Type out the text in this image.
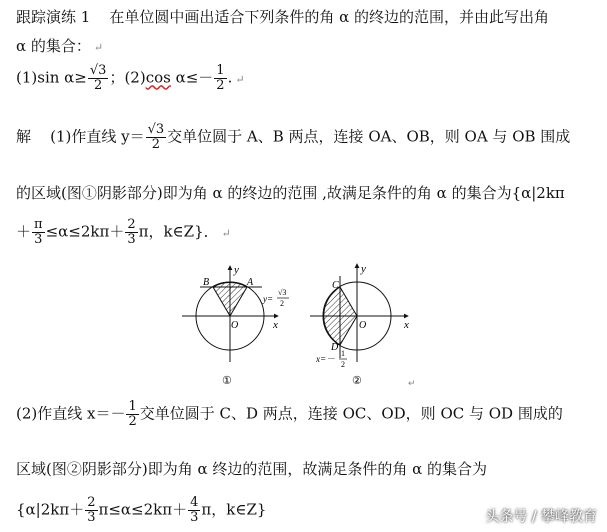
跟踪演练 1 在单位圆中画出适合下列条件的角 α 的终边的范围，并由此写出角
α 的集合： ↵
(1)sin $\alpha\ge \frac{√3}{2}$ ；(2)cos $\alpha\le- \frac{1}{2}$ . ↵
解 (1)作直线 $y= \frac{√3}{2}$ 交单位圆于 A、B 两点，连接 OA、OB，则 OA 与 OB 围成
的区域(图①阴影部分)即为角 α 的终边的范围 ,故满足条件的角 α 的集合为{α|2kπ
＋ $\frac{\pi}{3} \le\alpha\le 2k\pi+ \frac{2}{3}$ π，k∈Z}． ↵
y
x
O
A
B
y=
√3
2
①
y
x
O
C
D
x=－
1
2
②	↵
(2)作直线 $x=- \frac{1}{2}$ 交单位圆于 C、D 两点，连接 OC、OD，则 OC 与 OD 围成的
区域(图②阴影部分)即为角 α 终边的范围，故满足条件的角 α 的集合为
{$\alpha|2k\pi+ \frac{2}{3} \pi\le\alpha\le 2k\pi+ \frac{4}{3}$ π，k∈Z}	头条号 / 攀峰教育
